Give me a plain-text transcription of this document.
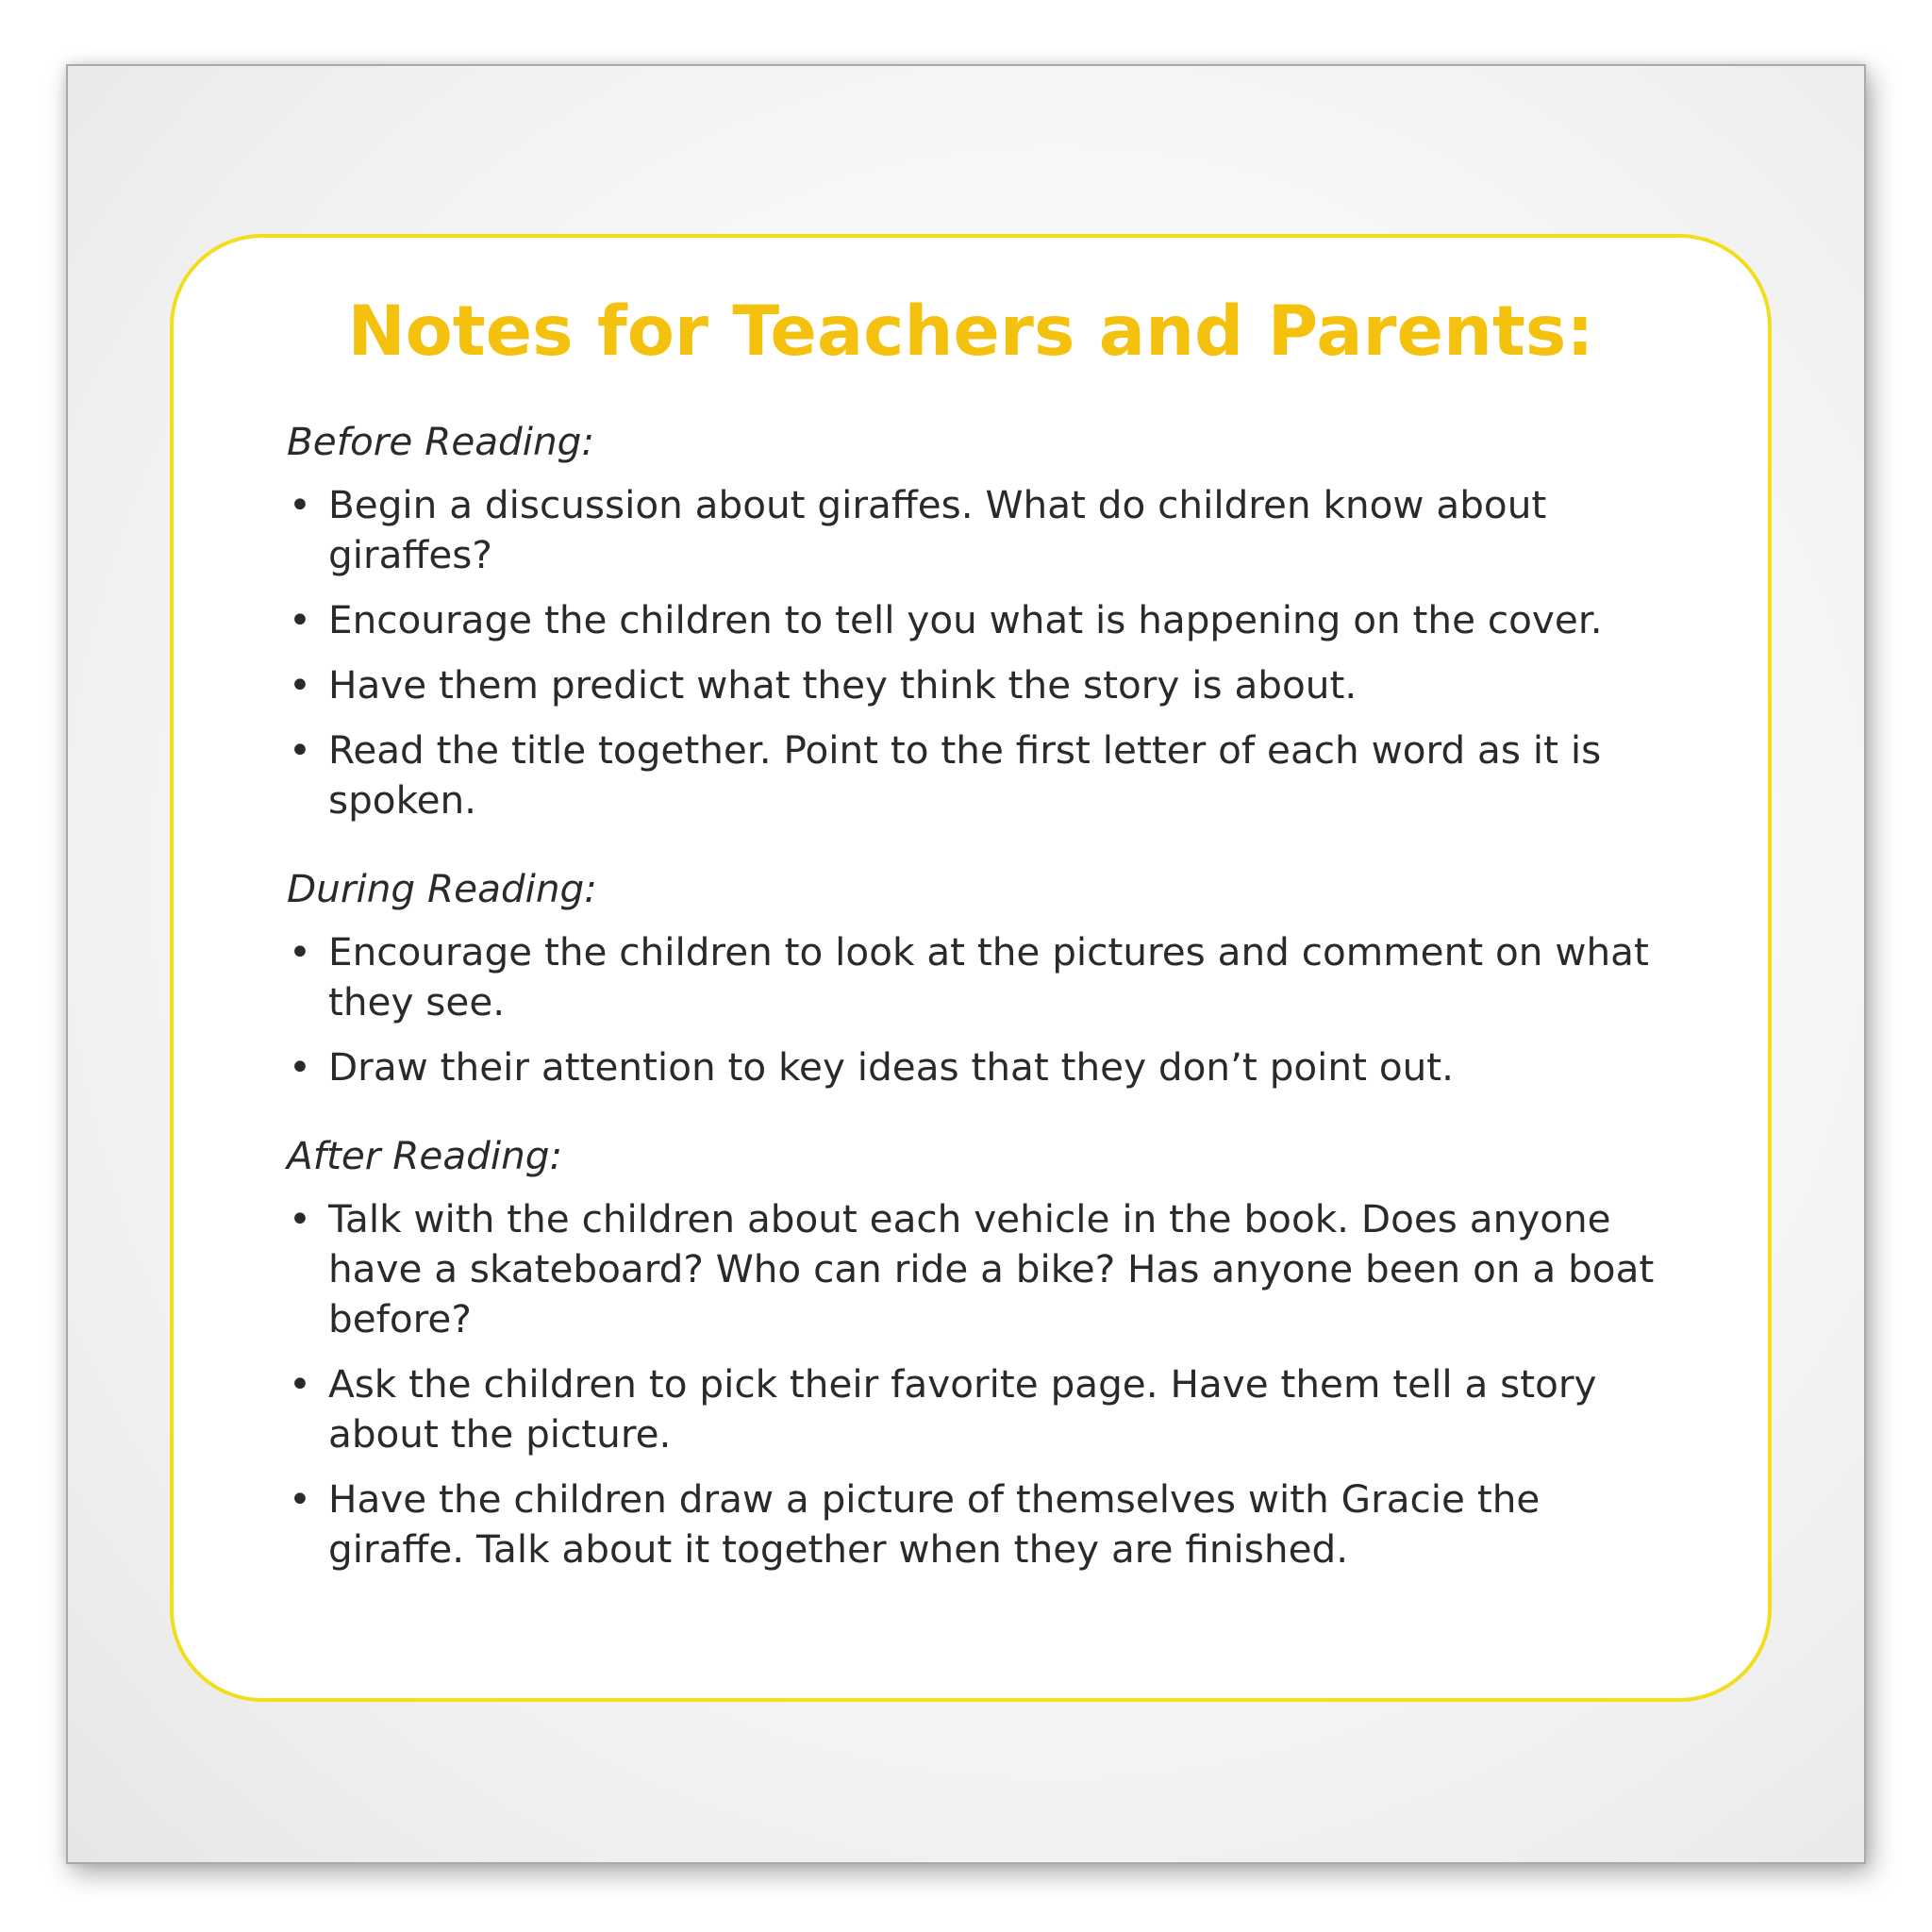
Notes for Teachers and Parents:
Before Reading:
• Begin a discussion about giraffes. What do children know about giraffes?
• Encourage the children to tell you what is happening on the cover.
• Have them predict what they think the story is about.
• Read the title together. Point to the first letter of each word as it is spoken.
During Reading:
• Encourage the children to look at the pictures and comment on what they see.
• Draw their attention to key ideas that they don’t point out.
After Reading:
• Talk with the children about each vehicle in the book. Does anyone have a skateboard? Who can ride a bike? Has anyone been on a boat before?
• Ask the children to pick their favorite page. Have them tell a story about the picture.
• Have the children draw a picture of themselves with Gracie the giraffe. Talk about it together when they are finished.
